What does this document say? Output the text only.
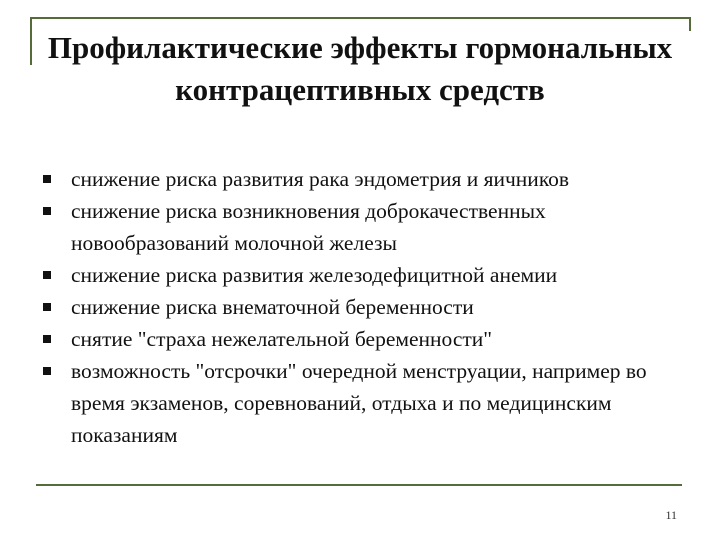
Профилактические эффекты гормональных контрацептивных средств
снижение риска развития рака эндометрия и яичников
снижение риска возникновения доброкачественных новообразований молочной железы
снижение риска развития железодефицитной анемии
снижение риска внематочной беременности
снятие "страха нежелательной беременности"
возможность "отсрочки" очередной менструации, например во время экзаменов, соревнований, отдыха и по медицинским показаниям
11
